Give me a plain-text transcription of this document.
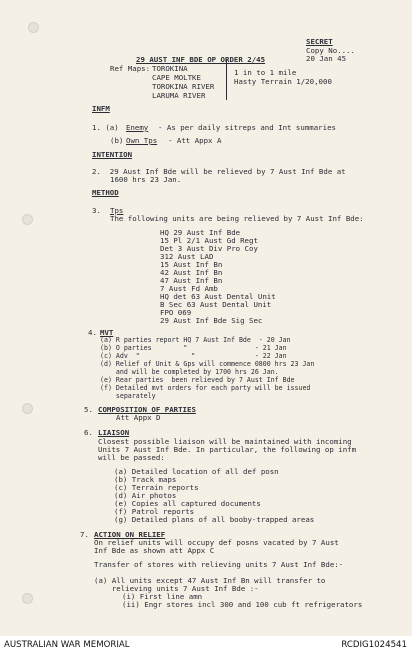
SECRET
Copy No....
20 Jan 45
29 AUST INF BDE OP ORDER 2/45
Ref Maps: TOROKINA
CAPE MOLTKE
TOROKINA RIVER
LARUMA RIVER
1 in to 1 mile
Hasty Terrain 1/20,000
INFM
1. (a) Enemy - As per daily sitreps and Int summaries
(b) Own Tps - Att Appx A
INTENTION
2.  29 Aust Inf Bde will be relieved by 7 Aust Inf Bde at
1600 hrs 23 Jan.
METHOD
3. Tps
The following units are being relieved by 7 Aust Inf Bde:
HQ 29 Aust Inf Bde
15 Pl 2/1 Aust Gd Regt
Det 3 Aust Div Pro Coy
312 Aust LAD
15 Aust Inf Bn
42 Aust Inf Bn
47 Aust Inf Bn
7 Aust Fd Amb
HQ det 63 Aust Dental Unit
B Sec 63 Aust Dental Unit
FPO 069
29 Aust Inf Bde Sig Sec
4. MVT
(a) R parties report HQ 7 Aust Inf Bde  - 20 Jan
(b) O parties        "                 - 21 Jan
(c) Adv  "             "               - 22 Jan
(d) Relief of Unit & Gps will commence 0800 hrs 23 Jan
and will be completed by 1700 hrs 26 Jan.
(e) Rear parties  been relieved by 7 Aust Inf Bde
(f) Detailed mvt orders for each party will be issued
separately
5. COMPOSITION OF PARTIES
Att Appx D
6. LIAISON
Closest possible liaison will be maintained with incoming
Units 7 Aust Inf Bde. In particular, the following op infm
will be passed:
(a) Detailed location of all def posn
(b) Track maps
(c) Terrain reports
(d) Air photos
(e) Copies all captured documents
(f) Patrol reports
(g) Detailed plans of all booby-trapped areas
7. ACTION ON RELIEF
On relief units will occupy def posns vacated by 7 Aust
Inf Bde as shown att Appx C
Transfer of stores with relieving units 7 Aust Inf Bde:-
(a) All units except 47 Aust Inf Bn will transfer to
relieving units 7 Aust Inf Bde :-
(i) First line amn
(ii) Engr stores incl 300 and 100 cub ft refrigerators
AUSTRALIAN WAR MEMORIAL	RCDIG1024541
